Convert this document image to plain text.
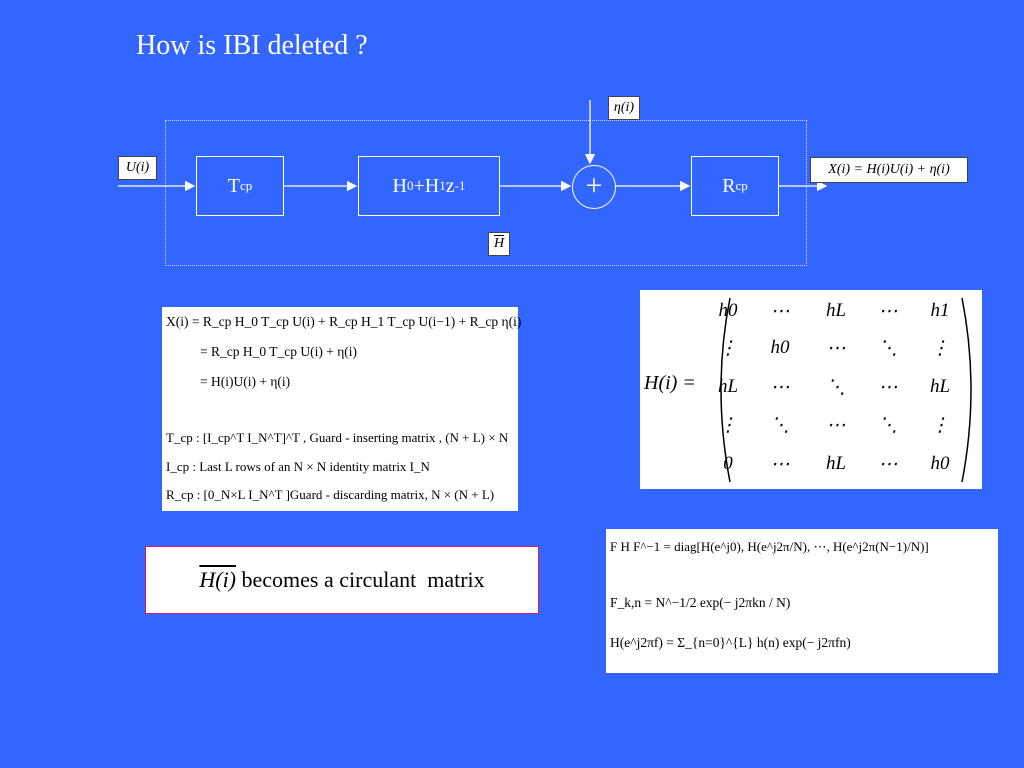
How is IBI deleted ?
U(i)
η(i)
X(i) = H(i)U(i) + η(i)
$\overline{H}$
T cp	H 0 +H 1 z -1	+	R cp
X(i) = R_cp H_0 T_cp U(i) + R_cp H_1 T_cp U(i−1) + R_cp η(i)
= R_cp H_0 T_cp U(i) + η(i)
= H(i)U(i) + η(i)
T_cp : [I_cp^T I_N^T]^T , Guard - inserting matrix , (N + L) × N
I_cp : Last L rows of an N × N identity matrix I_N
R_cp : [0_N×L I_N^T ]Guard - discarding matrix, N × (N + L)
H(i) =
h0 ⋯ hL ⋯ h1
⋮ h0 ⋯ ⋱ ⋮
hL ⋯ ⋱ ⋯ hL
⋮ ⋱ ⋯ ⋱ ⋮
0	⋯ hL ⋯ h0
H(i) becomes a circulant  matrix
F H F^−1 = diag[H(e^j0), H(e^j2π/N), ⋯, H(e^j2π(N−1)/N)]
F_k,n = N^−1/2 exp(− j2πkn / N)
H(e^j2πf) = Σ_{n=0}^{L} h(n) exp(− j2πfn)
